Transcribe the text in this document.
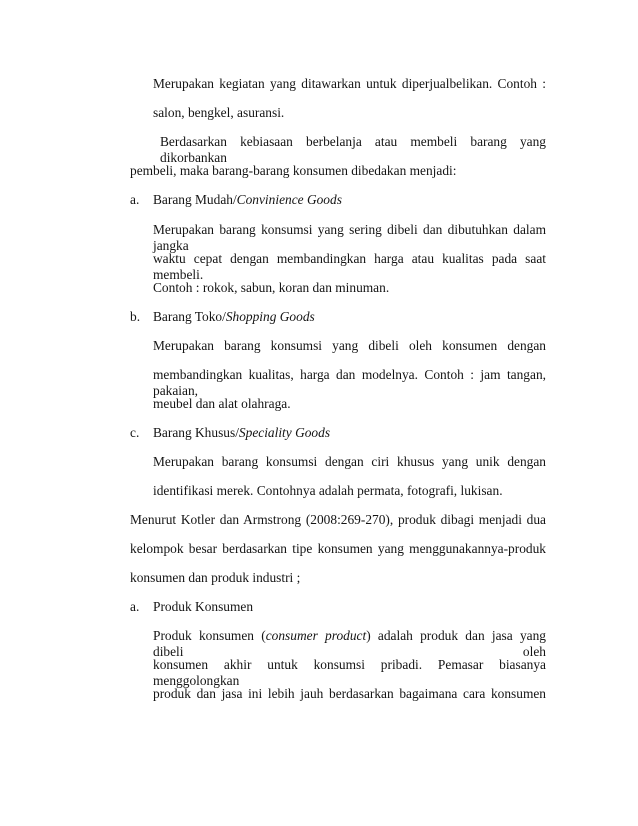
Merupakan kegiatan yang ditawarkan untuk diperjualbelikan. Contoh :
salon, bengkel, asuransi.
Berdasarkan kebiasaan berbelanja atau membeli barang yang dikorbankan
pembeli, maka barang-barang konsumen dibedakan menjadi:
a. Barang Mudah/Convinience Goods
Merupakan barang konsumsi yang sering dibeli dan dibutuhkan dalam jangka
waktu cepat dengan membandingkan harga atau kualitas pada saat membeli.
Contoh : rokok, sabun, koran dan minuman.
b. Barang Toko/Shopping Goods
Merupakan barang konsumsi yang dibeli oleh konsumen dengan
membandingkan kualitas, harga dan modelnya. Contoh : jam tangan, pakaian,
meubel dan alat olahraga.
c. Barang Khusus/Speciality Goods
Merupakan barang konsumsi dengan ciri khusus yang unik dengan
identifikasi merek. Contohnya adalah permata, fotografi, lukisan.
Menurut Kotler dan Armstrong (2008:269-270), produk dibagi menjadi dua
kelompok besar berdasarkan tipe konsumen yang menggunakannya-produk
konsumen dan produk industri ;
a. Produk Konsumen
Produk konsumen (consumer product) adalah produk dan jasa yang dibeli oleh
konsumen akhir untuk konsumsi pribadi. Pemasar biasanya menggolongkan
produk dan jasa ini lebih jauh berdasarkan bagaimana cara konsumen
